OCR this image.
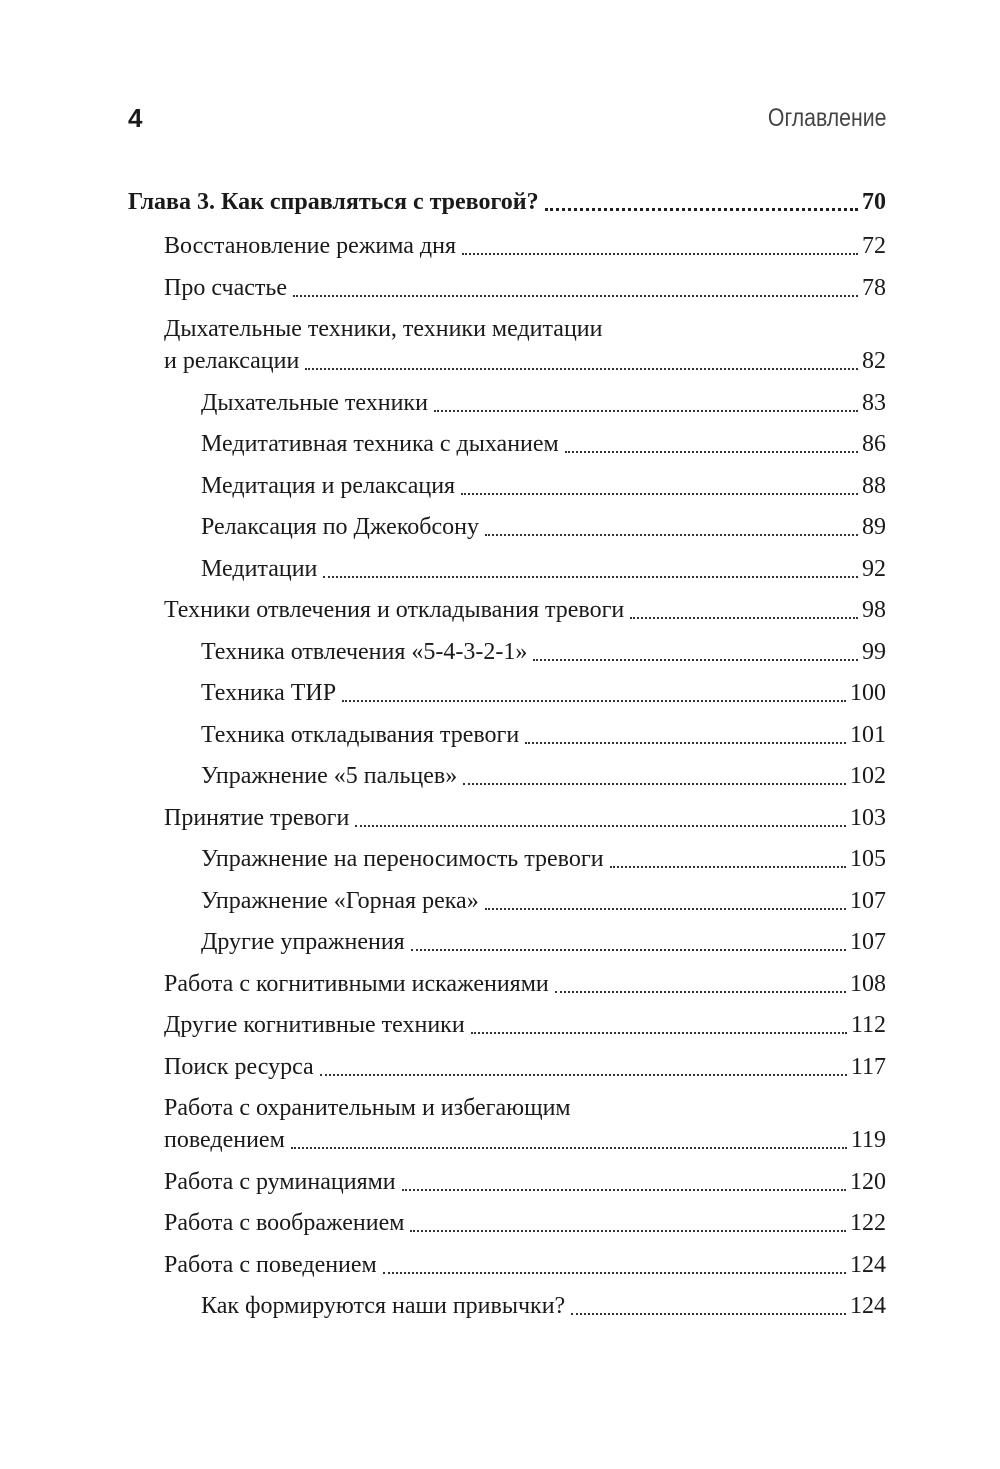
4	Оглавление
Глава 3. Как справляться с тревогой?	70
Восстановление режима дня	72
Про счастье	78
Дыхательные техники, техники медитации
и релаксации	82
Дыхательные техники	83
Медитативная техника с дыханием	86
Медитация и релаксация	88
Релаксация по Джекобсону	89
Медитации	92
Техники отвлечения и откладывания тревоги	98
Техника отвлечения «5-4-3-2-1»	99
Техника ТИР	100
Техника откладывания тревоги	101
Упражнение «5 пальцев»	102
Принятие тревоги	103
Упражнение на переносимость тревоги	105
Упражнение «Горная река»	107
Другие упражнения	107
Работа с когнитивными искажениями	108
Другие когнитивные техники	112
Поиск ресурса	117
Работа с охранительным и избегающим
поведением	119
Работа с руминациями	120
Работа с воображением	122
Работа с поведением	124
Как формируются наши привычки?	124
